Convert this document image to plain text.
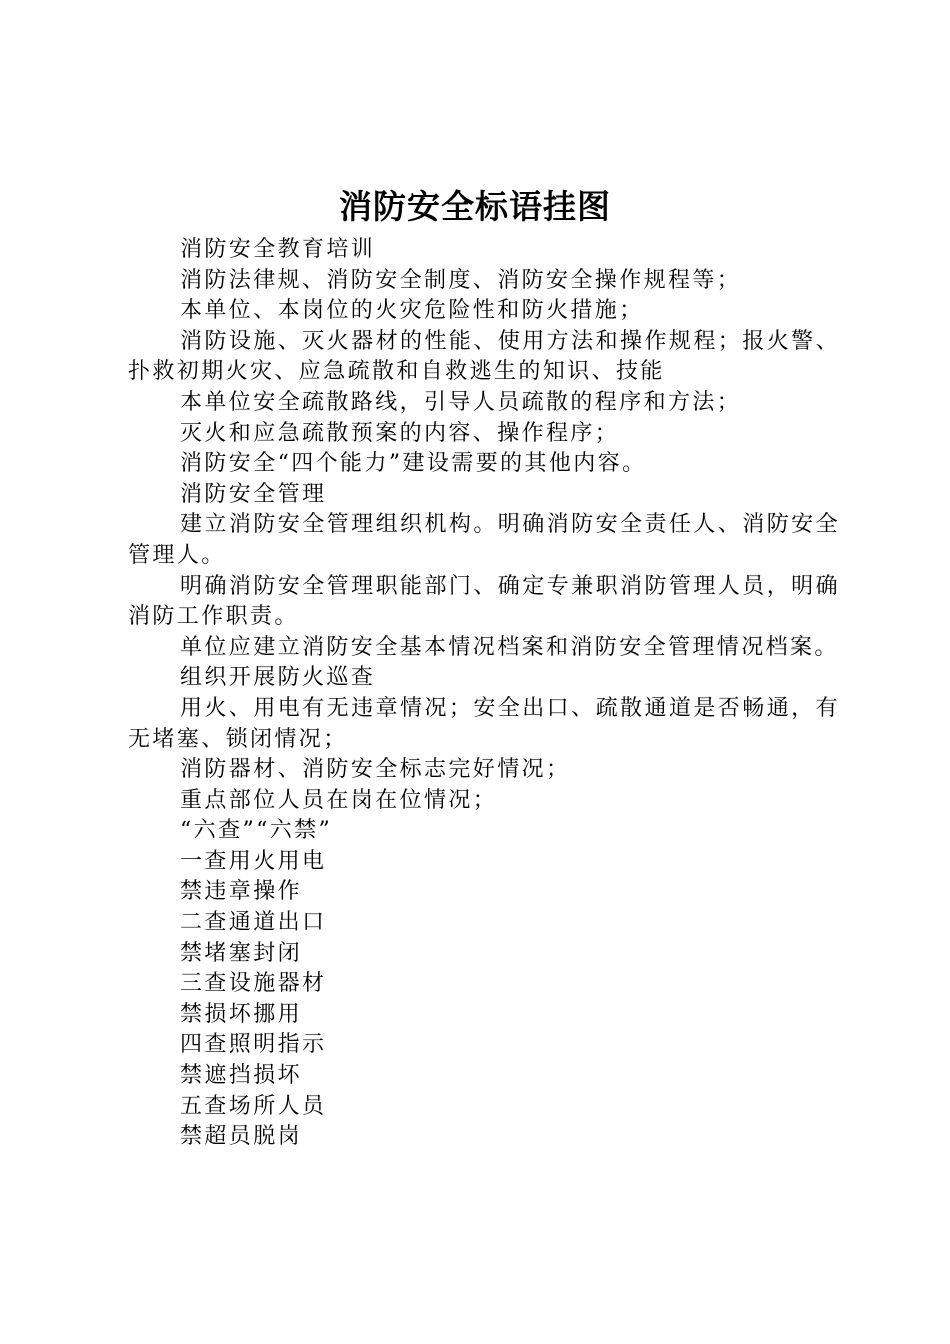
消防安全标语挂图

消防安全教育培训

消防法律规、消防安全制度、消防安全操作规程等；

本单位、本岗位的火灾危险性和防火措施；

消防设施、灭火器材的性能、使用方法和操作规程；报火警、扑救初期火灾、应急疏散和自救逃生的知识、技能

本单位安全疏散路线，引导人员疏散的程序和方法；

灭火和应急疏散预案的内容、操作程序；

消防安全“四个能力”建设需要的其他内容。

消防安全管理

建立消防安全管理组织机构。明确消防安全责任人、消防安全管理人。

明确消防安全管理职能部门、确定专兼职消防管理人员，明确消防工作职责。

单位应建立消防安全基本情况档案和消防安全管理情况档案。

组织开展防火巡查

用火、用电有无违章情况；安全出口、疏散通道是否畅通，有无堵塞、锁闭情况；

消防器材、消防安全标志完好情况；

重点部位人员在岗在位情况；

“六查”“六禁”

一查用火用电

禁违章操作

二查通道出口

禁堵塞封闭

三查设施器材

禁损坏挪用

四查照明指示

禁遮挡损坏

五查场所人员

禁超员脱岗
